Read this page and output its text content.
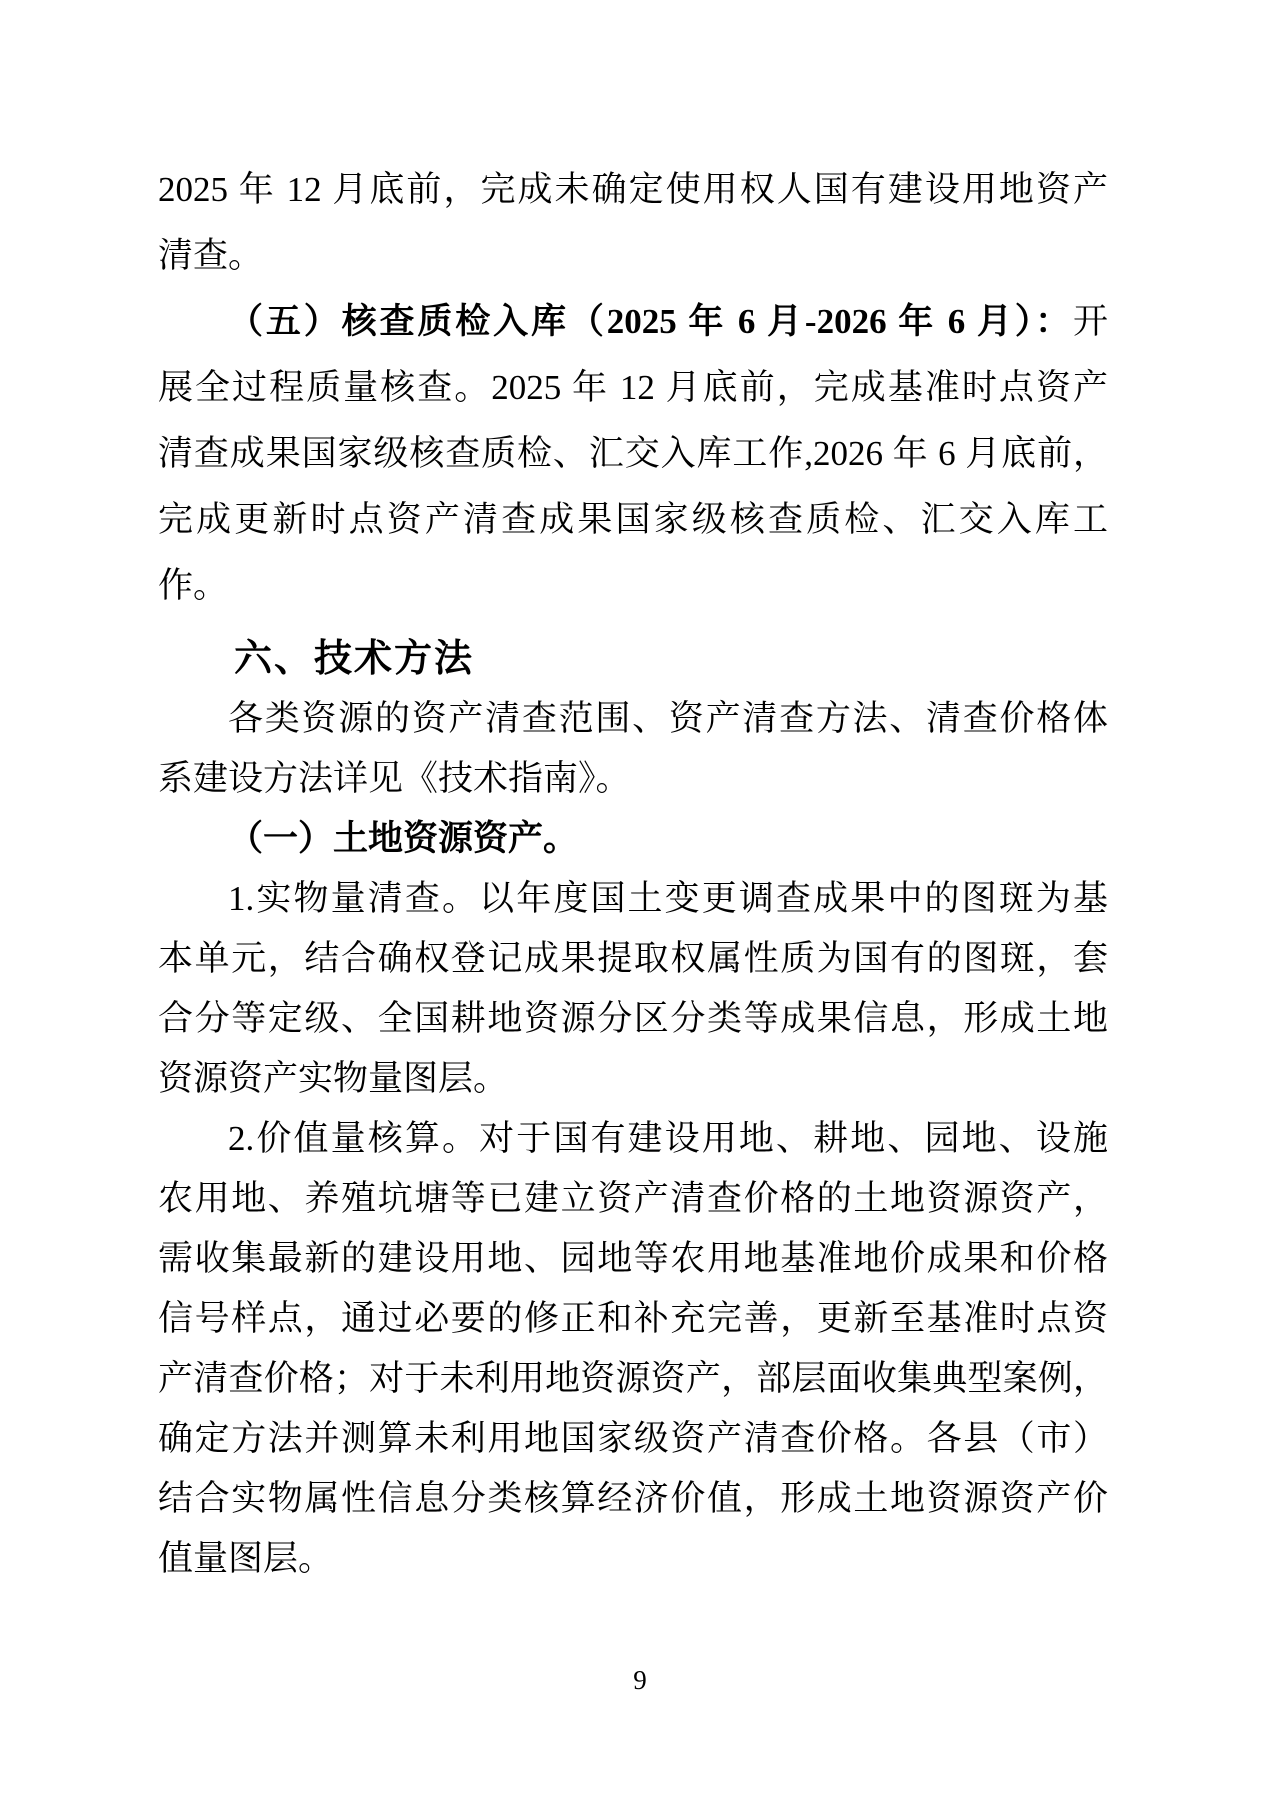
2025 年 12 月底前，完成未确定使用权人国有建设用地资产
清查。
（五）核查质检入库（2025 年 6 月-2026 年 6 月）：开
展全过程质量核查。2025 年 12 月底前，完成基准时点资产
清查成果国家级核查质检、汇交入库工作,2026 年 6 月底前，
完成更新时点资产清查成果国家级核查质检、汇交入库工
作。
六、技术方法
各类资源的资产清查范围、资产清查方法、清查价格体
系建设方法详见《技术指南》。
（一）土地资源资产。
1.实物量清查。以年度国土变更调查成果中的图斑为基
本单元，结合确权登记成果提取权属性质为国有的图斑，套
合分等定级、全国耕地资源分区分类等成果信息，形成土地
资源资产实物量图层。
2.价值量核算。对于国有建设用地、耕地、园地、设施
农用地、养殖坑塘等已建立资产清查价格的土地资源资产，
需收集最新的建设用地、园地等农用地基准地价成果和价格
信号样点，通过必要的修正和补充完善，更新至基准时点资
产清查价格；对于未利用地资源资产，部层面收集典型案例，
确定方法并测算未利用地国家级资产清查价格。各县（市）
结合实物属性信息分类核算经济价值，形成土地资源资产价
值量图层。
9
